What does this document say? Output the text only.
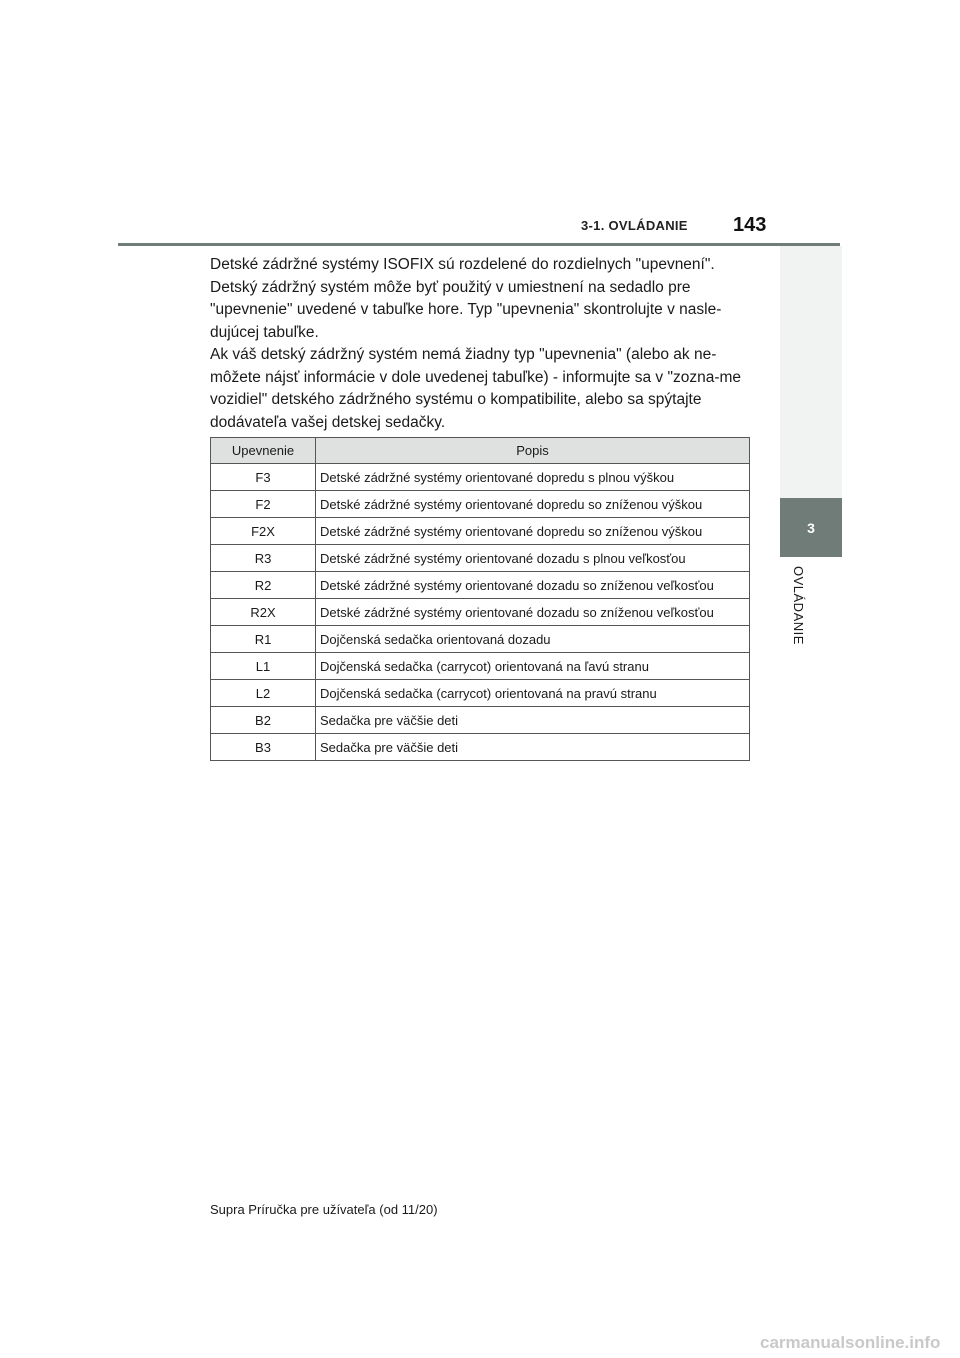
3-1. OVLÁDANIE 143
3
OVLÁDANIE

Detské zádržné systémy ISOFIX sú rozdelené do rozdielnych "upevnení". Detský zádržný systém môže byť použitý v umiestnení na sedadlo pre "upevnenie" uvedené v tabuľke hore. Typ "upevnenia" skontrolujte v nasle-dujúcej tabuľke.

Ak váš detský zádržný systém nemá žiadny typ "upevnenia" (alebo ak ne-môžete nájsť informácie v dole uvedenej tabuľke) - informujte sa v "zozna-me vozidiel" detského zádržného systému o kompatibilite, alebo sa spýtajte dodávateľa vašej detskej sedačky.

Upevnenie	Popis
F3	Detské zádržné systémy orientované dopredu s plnou výškou
F2	Detské zádržné systémy orientované dopredu so zníženou výškou
F2X	Detské zádržné systémy orientované dopredu so zníženou výškou
R3	Detské zádržné systémy orientované dozadu s plnou veľkosťou
R2	Detské zádržné systémy orientované dozadu so zníženou veľkosťou
R2X	Detské zádržné systémy orientované dozadu so zníženou veľkosťou
R1	Dojčenská sedačka orientovaná dozadu
L1	Dojčenská sedačka (carrycot) orientovaná na ľavú stranu
L2	Dojčenská sedačka (carrycot) orientovaná na pravú stranu
B2	Sedačka pre väčšie deti
B3	Sedačka pre väčšie deti
Supra Príručka pre užívateľa (od 11/20)
carmanualsonline.info
